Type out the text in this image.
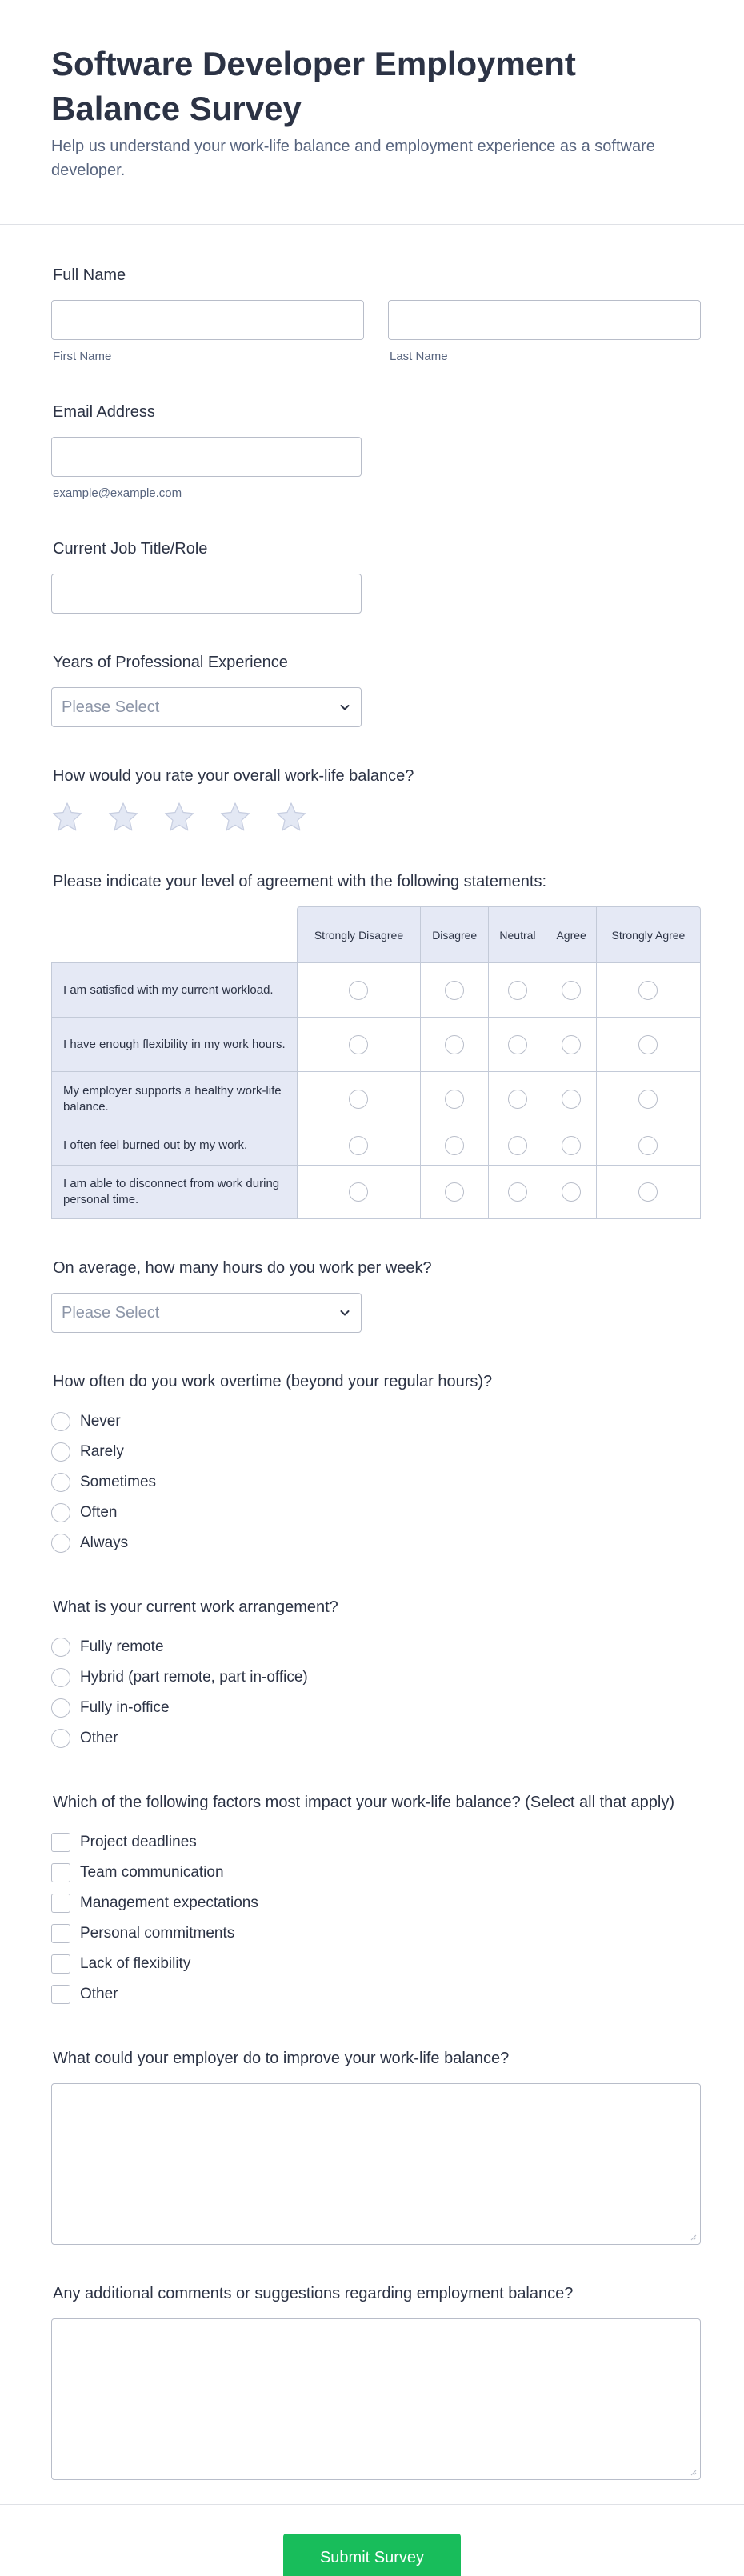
Software Developer Employment Balance Survey

Help us understand your work-life balance and employment experience as a software developer.

Full Name
First Name	Last Name
Email Address
example@example.com
Current Job Title/Role
Years of Professional Experience
Please Select
How would you rate your overall work-life balance?
Please indicate your level of agreement with the following statements:
	Strongly Disagree	Disagree	Neutral	Agree	Strongly Agree
I am satisfied with my current workload.					
I have enough flexibility in my work hours.					
My employer supports a healthy work-life balance.					
I often feel burned out by my work.					
I am able to disconnect from work during personal time.					
On average, how many hours do you work per week?
Please Select
How often do you work overtime (beyond your regular hours)?
Never
Rarely
Sometimes
Often
Always
What is your current work arrangement?
Fully remote
Hybrid (part remote, part in-office)
Fully in-office
Other
Which of the following factors most impact your work-life balance? (Select all that apply)
Project deadlines
Team communication
Management expectations
Personal commitments
Lack of flexibility
Other
What could your employer do to improve your work-life balance?
Any additional comments or suggestions regarding employment balance?
Submit Survey
